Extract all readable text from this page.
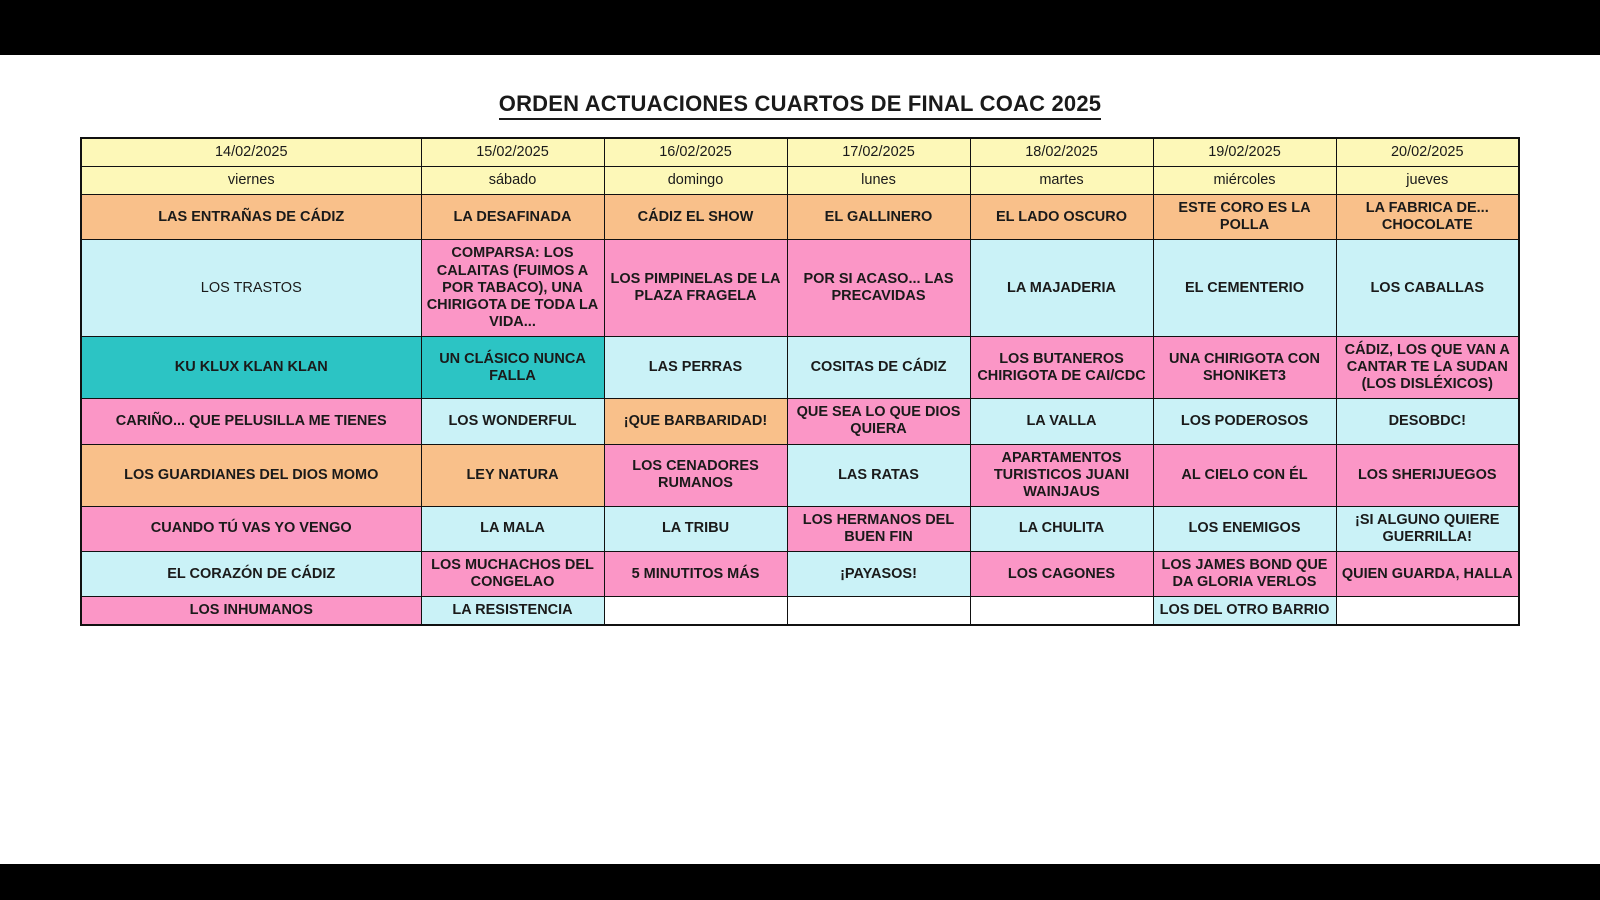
ORDEN ACTUACIONES CUARTOS DE FINAL COAC 2025
14/02/2025	15/02/2025	16/02/2025	17/02/2025	18/02/2025	19/02/2025	20/02/2025
viernes	sábado	domingo	lunes	martes	miércoles	jueves
LAS ENTRAÑAS DE CÁDIZ	LA DESAFINADA	CÁDIZ EL SHOW	EL GALLINERO	EL LADO OSCURO	ESTE CORO ES LA POLLA	LA FABRICA DE... CHOCOLATE
LOS TRASTOS	COMPARSA: LOS CALAITAS (FUIMOS A POR TABACO), UNA CHIRIGOTA DE TODA LA VIDA...	LOS PIMPINELAS DE LA PLAZA FRAGELA	POR SI ACASO... LAS PRECAVIDAS	LA MAJADERIA	EL CEMENTERIO	LOS CABALLAS
KU KLUX KLAN KLAN	UN CLÁSICO NUNCA FALLA	LAS PERRAS	COSITAS DE CÁDIZ	LOS BUTANEROS CHIRIGOTA DE CAI/CDC	UNA CHIRIGOTA CON SHONIKET3	CÁDIZ, LOS QUE VAN A CANTAR TE LA SUDAN (LOS DISLÉXICOS)
CARIÑO... QUE PELUSILLA ME TIENES	LOS WONDERFUL	¡QUE BARBARIDAD!	QUE SEA LO QUE DIOS QUIERA	LA VALLA	LOS PODEROSOS	DESOBDC!
LOS GUARDIANES DEL DIOS MOMO	LEY NATURA	LOS CENADORES RUMANOS	LAS RATAS	APARTAMENTOS TURISTICOS JUANI WAINJAUS	AL CIELO CON ÉL	LOS SHERIJUEGOS
CUANDO TÚ VAS YO VENGO	LA MALA	LA TRIBU	LOS HERMANOS DEL BUEN FIN	LA CHULITA	LOS ENEMIGOS	¡SI ALGUNO QUIERE GUERRILLA!
EL CORAZÓN DE CÁDIZ	LOS MUCHACHOS DEL CONGELAO	5 MINUTITOS MÁS	¡PAYASOS!	LOS CAGONES	LOS JAMES BOND QUE DA GLORIA VERLOS	QUIEN GUARDA, HALLA
LOS INHUMANOS	LA RESISTENCIA				LOS DEL OTRO BARRIO	
